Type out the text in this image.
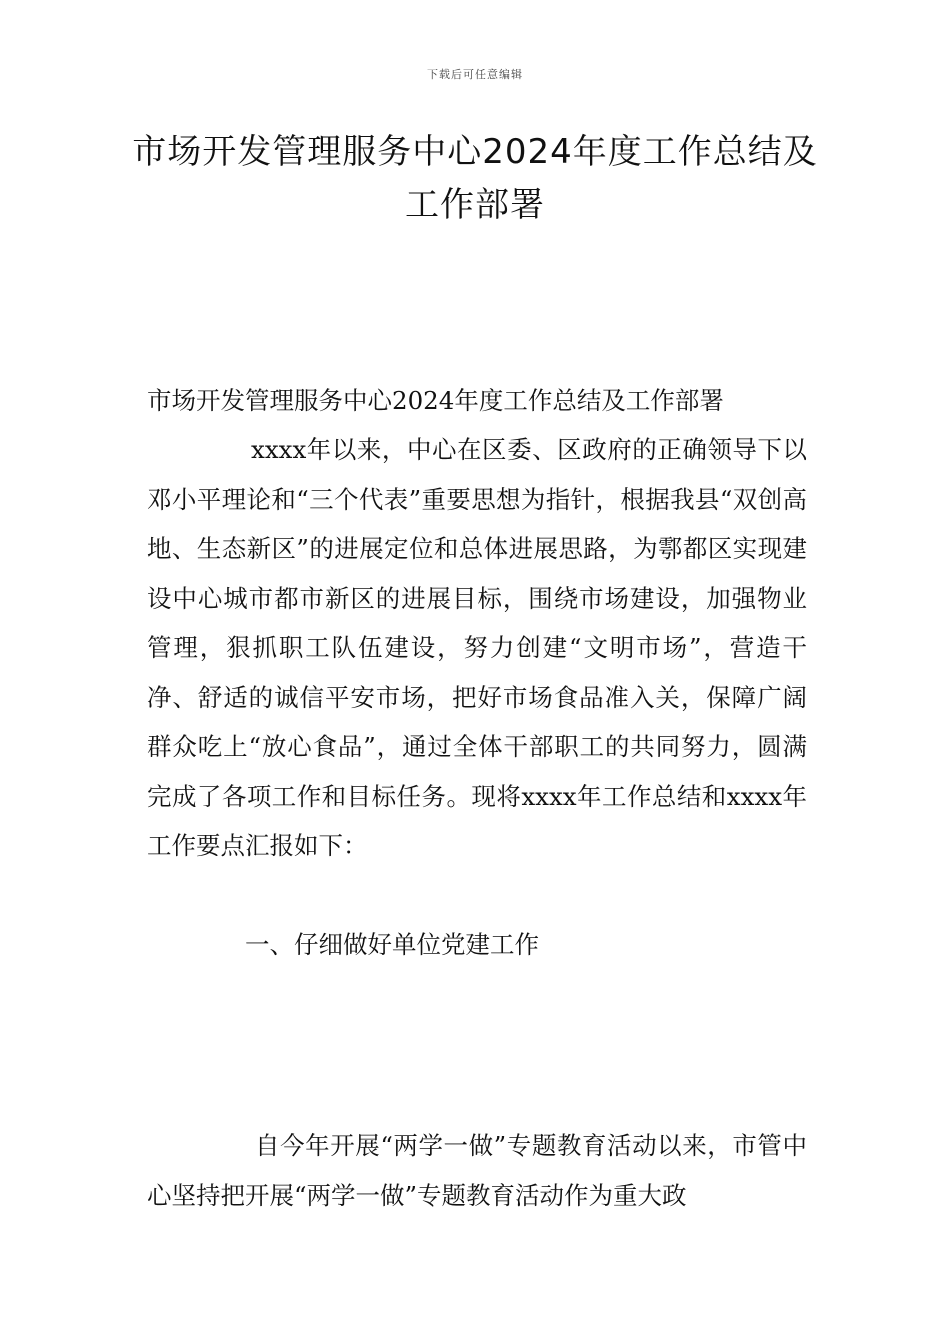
下载后可任意编辑
市场开发管理服务中心2024年度工作总结及工作部署

市场开发管理服务中心2024年度工作总结及工作部署

xxxx年以来，中心在区委、区政府的正确领导下以邓小平理论和“三个代表”重要思想为指针，根据我县“双创高地、生态新区”的进展定位和总体进展思路，为鄠都区实现建设中心城市都市新区的进展目标，围绕市场建设，加强物业管理，狠抓职工队伍建设，努力创建“文明市场”，营造干净、舒适的诚信平安市场，把好市场食品准入关，保障广阔群众吃上“放心食品”，通过全体干部职工的共同努力，圆满完成了各项工作和目标任务。现将xxxx年工作总结和xxxx年工作要点汇报如下：

一、仔细做好单位党建工作

自今年开展“两学一做”专题教育活动以来，市管中心坚持把开展“两学一做”专题教育活动作为重大政
